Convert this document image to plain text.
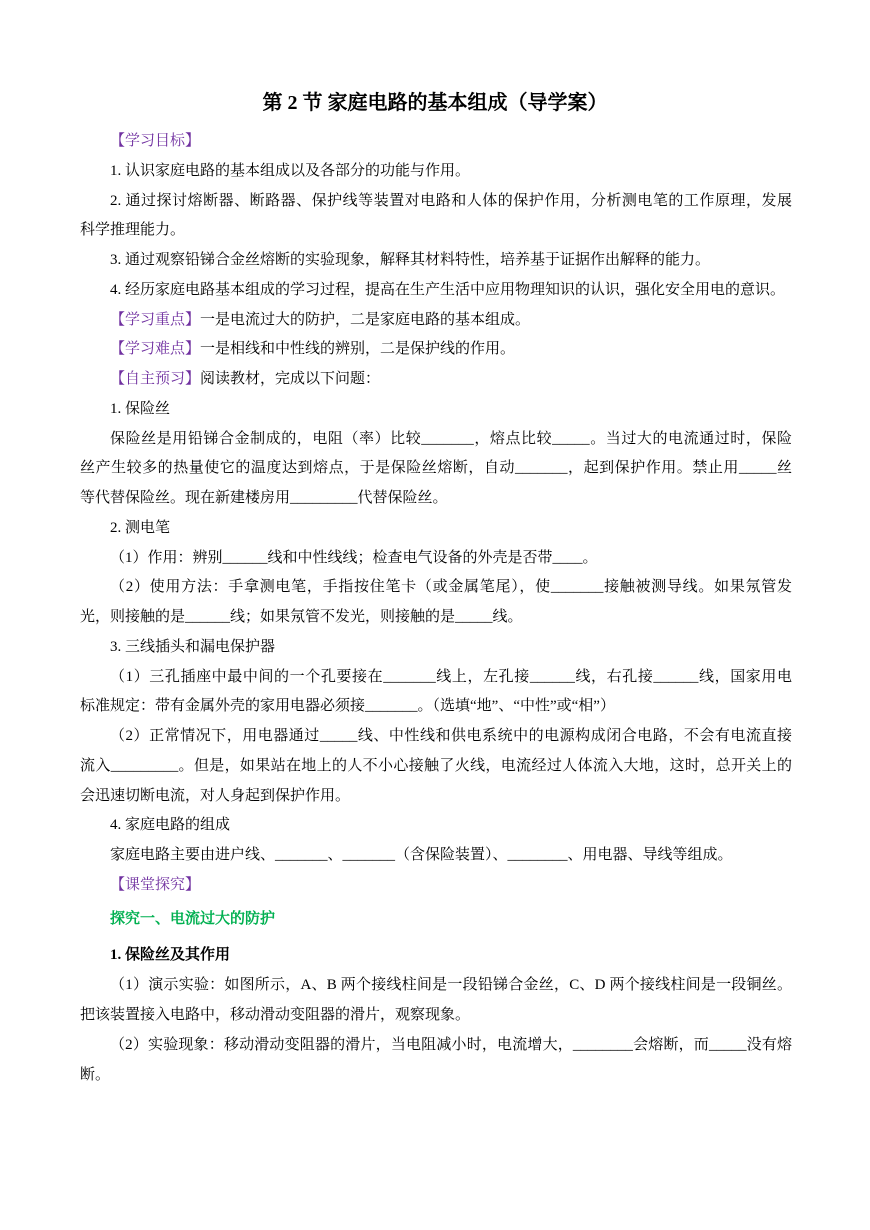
第 2 节 家庭电路的基本组成（导学案）
【学习目标】
1. 认识家庭电路的基本组成以及各部分的功能与作用。
2. 通过探讨熔断器、断路器、保护线等装置对电路和人体的保护作用，分析测电笔的工作原理，发展
科学推理能力。
3. 通过观察铅锑合金丝熔断的实验现象，解释其材料特性，培养基于证据作出解释的能力。
4. 经历家庭电路基本组成的学习过程，提高在生产生活中应用物理知识的认识，强化安全用电的意识。
【学习重点】一是电流过大的防护，二是家庭电路的基本组成。
【学习难点】一是相线和中性线的辨别，二是保护线的作用。
【自主预习】阅读教材，完成以下问题：
1. 保险丝
保险丝是用铅锑合金制成的，电阻（率）比较_______，熔点比较_____。当过大的电流通过时，保险
丝产生较多的热量使它的温度达到熔点，于是保险丝熔断，自动_______，起到保护作用。禁止用_____丝
等代替保险丝。现在新建楼房用_________代替保险丝。
2. 测电笔
（1）作用：辨别______线和中性线线；检查电气设备的外壳是否带____。
（2）使用方法：手拿测电笔，手指按住笔卡（或金属笔尾），使_______接触被测导线。如果氖管发
光，则接触的是______线；如果氖管不发光，则接触的是_____线。
3. 三线插头和漏电保护器
（1）三孔插座中最中间的一个孔要接在_______线上，左孔接______线，右孔接______线，国家用电
标准规定：带有金属外壳的家用电器必须接_______。（选填“地”、“中性”或“相”）
（2）正常情况下，用电器通过_____线、中性线和供电系统中的电源构成闭合电路，不会有电流直接
流入_________。但是，如果站在地上的人不小心接触了火线，电流经过人体流入大地，这时，总开关上的
会迅速切断电流，对人身起到保护作用。
4. 家庭电路的组成
家庭电路主要由进户线、_______、_______（含保险装置）、________、用电器、导线等组成。
【课堂探究】
探究一、电流过大的防护
1. 保险丝及其作用
（1）演示实验：如图所示，A、B 两个接线柱间是一段铅锑合金丝，C、D 两个接线柱间是一段铜丝。
把该装置接入电路中，移动滑动变阻器的滑片，观察现象。
（2）实验现象：移动滑动变阻器的滑片，当电阻减小时，电流增大，________会熔断，而_____没有熔
断。
